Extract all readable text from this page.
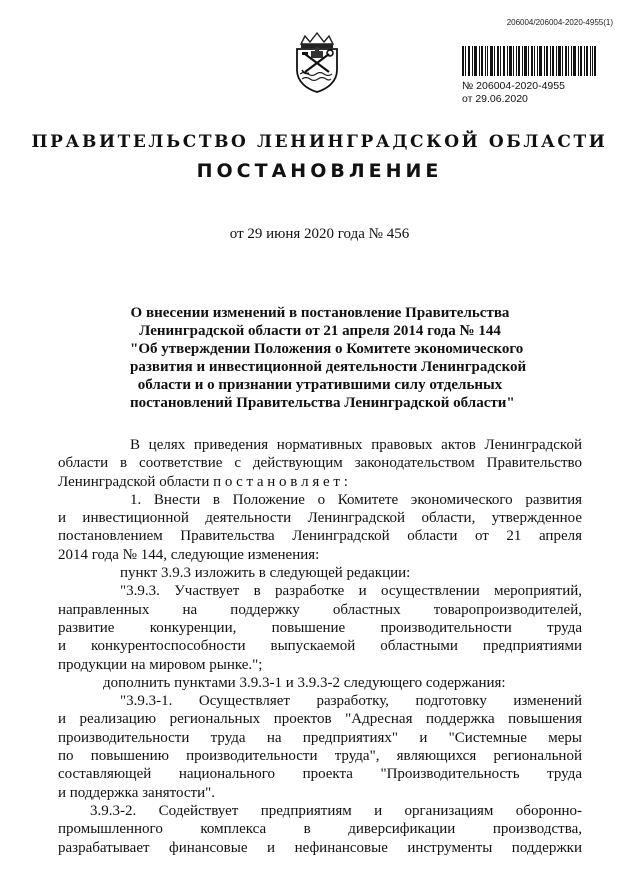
206004/206004-2020-4955(1)
№ 206004-2020-4955
от 29.06.2020
ПРАВИТЕЛЬСТВО ЛЕНИНГРАДСКОЙ ОБЛАСТИ
ПОСТАНОВЛЕНИЕ
от 29 июня 2020 года № 456
О внесении изменений в постановление Правительства
Ленинградской области от 21 апреля 2014 года № 144
"Об утверждении Положения о Комитете экономического
развития и инвестиционной деятельности Ленинградской
области и о признании утратившими силу отдельных
постановлений Правительства Ленинградской области"
В целях приведения нормативных правовых актов Ленинградской
области в соответствие с действующим законодательством Правительство
Ленинградской области п о с т а н о в л я е т :
1. Внести в Положение о Комитете экономического развития
и инвестиционной деятельности Ленинградской области, утвержденное
постановлением Правительства Ленинградской области от 21 апреля
2014 года № 144, следующие изменения:
пункт 3.9.3 изложить в следующей редакции:
"3.9.3. Участвует в разработке и осуществлении мероприятий,
направленных на поддержку областных товаропроизводителей,
развитие конкуренции, повышение производительности труда
и конкурентоспособности выпускаемой областными предприятиями
продукции на мировом рынке.";
дополнить пунктами 3.9.3-1 и 3.9.3-2 следующего содержания:
"3.9.3-1. Осуществляет разработку, подготовку изменений
и реализацию региональных проектов "Адресная поддержка повышения
производительности труда на предприятиях" и "Системные меры
по повышению производительности труда", являющихся региональной
составляющей национального проекта "Производительность труда
и поддержка занятости".
3.9.3-2. Содействует предприятиям и организациям оборонно-
промышленного комплекса в диверсификации производства,
разрабатывает финансовые и нефинансовые инструменты поддержки
